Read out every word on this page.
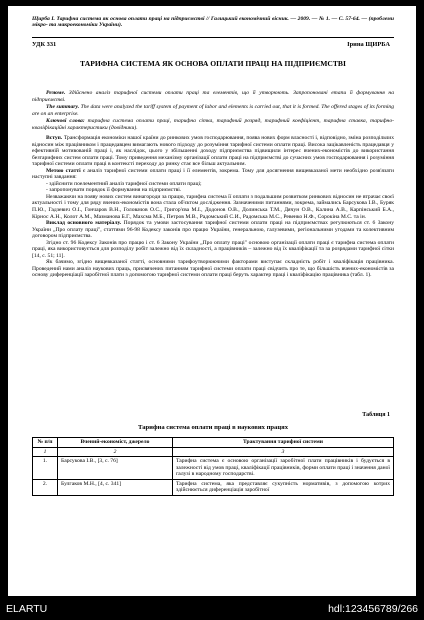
Щирба І. Тарифна система як основа оплати праці на підприємстві // Галицький економічний вісник. — 2009. — № 1. — С. 57-64. — (проблеми мікро- та макроекономіки України).
УДК 331	Ірина ЩИРБА
ТАРИФНА СИСТЕМА ЯК ОСНОВА ОПЛАТИ ПРАЦІ НА ПІДПРИЄМСТВІ
Резюме. Здійснено аналіз тарифної системи оплати праці та елементів, що її утворюють. Запропоновані етапи її формування на підприємстві.
The summary. The data were analyzed the tariff system of payment of labor and elements is carried out, that it is formed. The offered stages of its forming are on an enterprise.
Ключові слова: тарифна система оплати праці, тарифна сітка, тарифний розряд, тарифний коефіцієнт, тарифна ставка, тарифно-кваліфікаційні характеристики (довідники).

Вступ. Трансформація економіки нашої країни до ринкових умов господарювання, поява нових форм власності і, відповідно, зміна розподільчих відносин між працівником і працедавцем вимагають нового підходу до розуміння тарифної системи оплати праці. Висока зацікавленість працедавця у ефективній мотивованій праці і, як наслідок, цього у збільшенні доходу підприємства підвищили інтерес вчених-економістів до використання безтарифних систем оплати праці. Тому приведення механізму організації оплати праці на підприємстві до сучасних умов господарювання і розуміння тарифної системи оплати праці в контексті переходу до ринку стає все більш актуальним.

Метою статті є аналіз тарифної системи оплати праці і її елементів, зокрема. Тому для досягнення вищевказаної мети необхідно розв'язати наступні завдання:

- здійснити поелементний аналіз тарифної системи оплати праці;

- запропонувати порядок її формування на підприємстві.

Незважаючи на появу нових систем винагороди за працю, тарифна система її оплати з подальшим розвитком ринкових відносин не втрачає своєї актуальності і тому для ряду вчених-економістів вона стала об'єктом дослідження. Зазначеними питаннями, зокрема, займались Барсукова І.В., Буряк П.Ю., Гадзевич О.І., Гончаров В.Н., Головачов О.С., Григор'єва М.І., Додонов О.В., Долинська Т.М., Дячун О.В., Калина А.В., Карпінський Б.А., Кірнос А.Н., Колот А.М., Мазманова Б.Г., Махсма М.Б., Петров М.В., Радомський С.И., Радомська М.С., Ревенко Н.Ф., Сорокіна М.С. та ін.

Виклад основного матеріалу. Порядок та умови застосування тарифної системи оплати праці на підприємствах регулюються ст. 6 Закону України „Про оплату праці", статтями 96-98 Кодексу законів про працю України, генеральною, галузевими, регіональними угодами та колективним договором підприємства.

Згідно ст. 96 Кодексу Законів про працю і ст. 6 Закону України „Про оплату праці" основою організації оплати праці є тарифна система оплати праці, яка використовується для розподілу робіт залежно від їх складності, а працівників – залежно від їх кваліфікації та за розрядами тарифної сітки [14, с. 51; 11].

Як бачимо, згідно вищевказаної статті, основними тарифоутворюючими факторами виступає складність робіт і кваліфікація працівника. Проведений нами аналіз наукових праць, присвячених питанням тарифної системи оплати праці свідчить про те, що більшість вчених-економістів за основу диференціації заробітної плати з допомогою тарифної системи оплати праці беруть характер праці і кваліфікацію працівника (табл. 1).

Таблиця 1
Тарифна система оплати праці в наукових працях
№ п/п	Вчений-економіст, джерело	Трактування тарифної системи
1	2	3
1.	Барсукова І.В., [3, с. 76]	Тарифна система є основою організації заробітної плати працівників і будується в залежності від умов праці, кваліфікації працівників, форми оплати праці і значення даної галузі в народному господарстві.
2.	Булгаков М.Н., [4, с. 341]	Тарифна система, яка представляє сукупність нормативів, з допомогою котрих здійснюється диференціація заробітної
ELARTU	hdl:123456789/266
